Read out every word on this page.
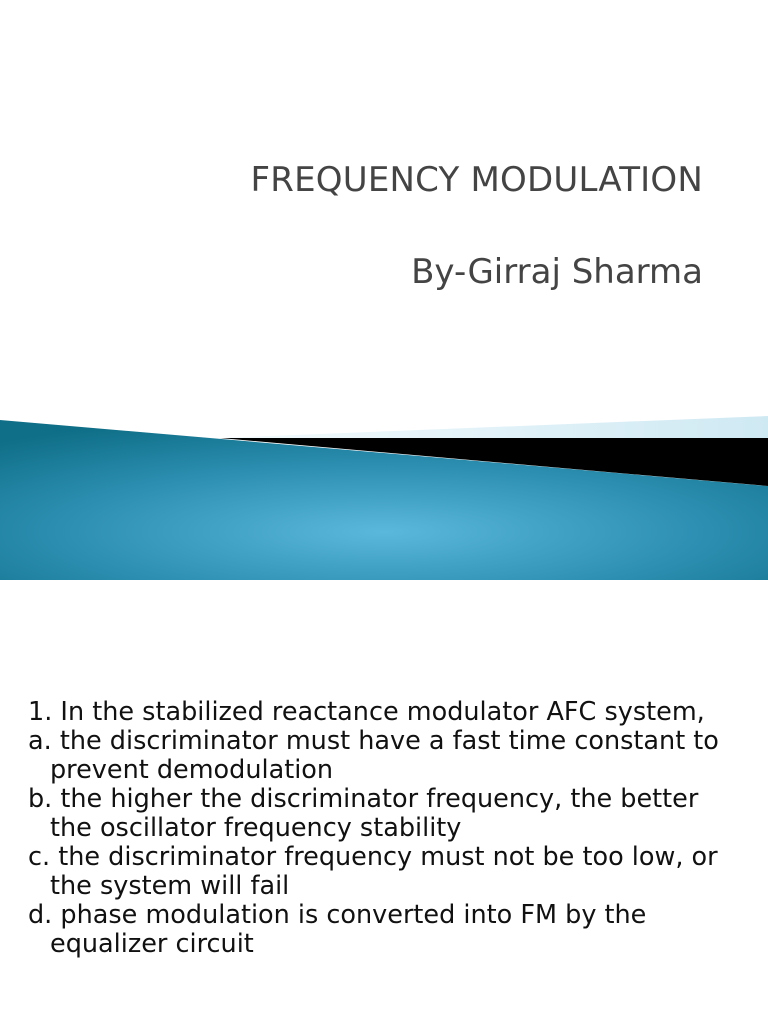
FREQUENCY MODULATION
By-Girraj Sharma

1. In the stabilized reactance modulator AFC system,

a. the discriminator must have a fast time constant to prevent demodulation

b. the higher the discriminator frequency, the better the oscillator frequency stability

c. the discriminator frequency must not be too low, or the system will fail

d. phase modulation is converted into FM by the equalizer circuit
